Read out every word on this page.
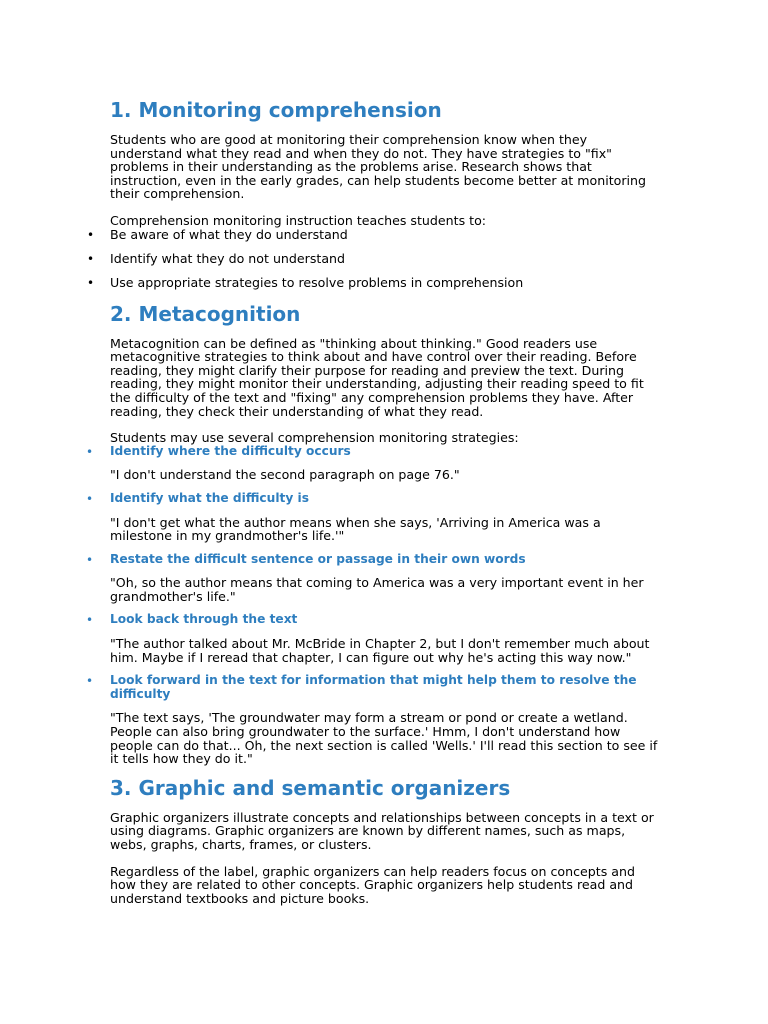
1. Monitoring comprehension

Students who are good at monitoring their comprehension know when they understand what they read and when they do not. They have strategies to "fix" problems in their understanding as the problems arise. Research shows that instruction, even in the early grades, can help students become better at monitoring their comprehension.

Comprehension monitoring instruction teaches students to:

• Be aware of what they do understand
• Identify what they do not understand
• Use appropriate strategies to resolve problems in comprehension
2. Metacognition

Metacognition can be defined as "thinking about thinking." Good readers use metacognitive strategies to think about and have control over their reading. Before reading, they might clarify their purpose for reading and preview the text. During reading, they might monitor their understanding, adjusting their reading speed to fit the difficulty of the text and "fixing" any comprehension problems they have. After reading, they check their understanding of what they read.

Students may use several comprehension monitoring strategies:

• Identify where the difficulty occurs
"I don't understand the second paragraph on page 76."
• Identify what the difficulty is
"I don't get what the author means when she says, 'Arriving in America was a milestone in my grandmother's life.'"
• Restate the difficult sentence or passage in their own words
"Oh, so the author means that coming to America was a very important event in her grandmother's life."
• Look back through the text
"The author talked about Mr. McBride in Chapter 2, but I don't remember much about him. Maybe if I reread that chapter, I can figure out why he's acting this way now."
• Look forward in the text for information that might help them to resolve the difficulty
"The text says, 'The groundwater may form a stream or pond or create a wetland. People can also bring groundwater to the surface.' Hmm, I don't understand how people can do that... Oh, the next section is called 'Wells.' I'll read this section to see if it tells how they do it."
3. Graphic and semantic organizers

Graphic organizers illustrate concepts and relationships between concepts in a text or using diagrams. Graphic organizers are known by different names, such as maps, webs, graphs, charts, frames, or clusters.

Regardless of the label, graphic organizers can help readers focus on concepts and how they are related to other concepts. Graphic organizers help students read and understand textbooks and picture books.
